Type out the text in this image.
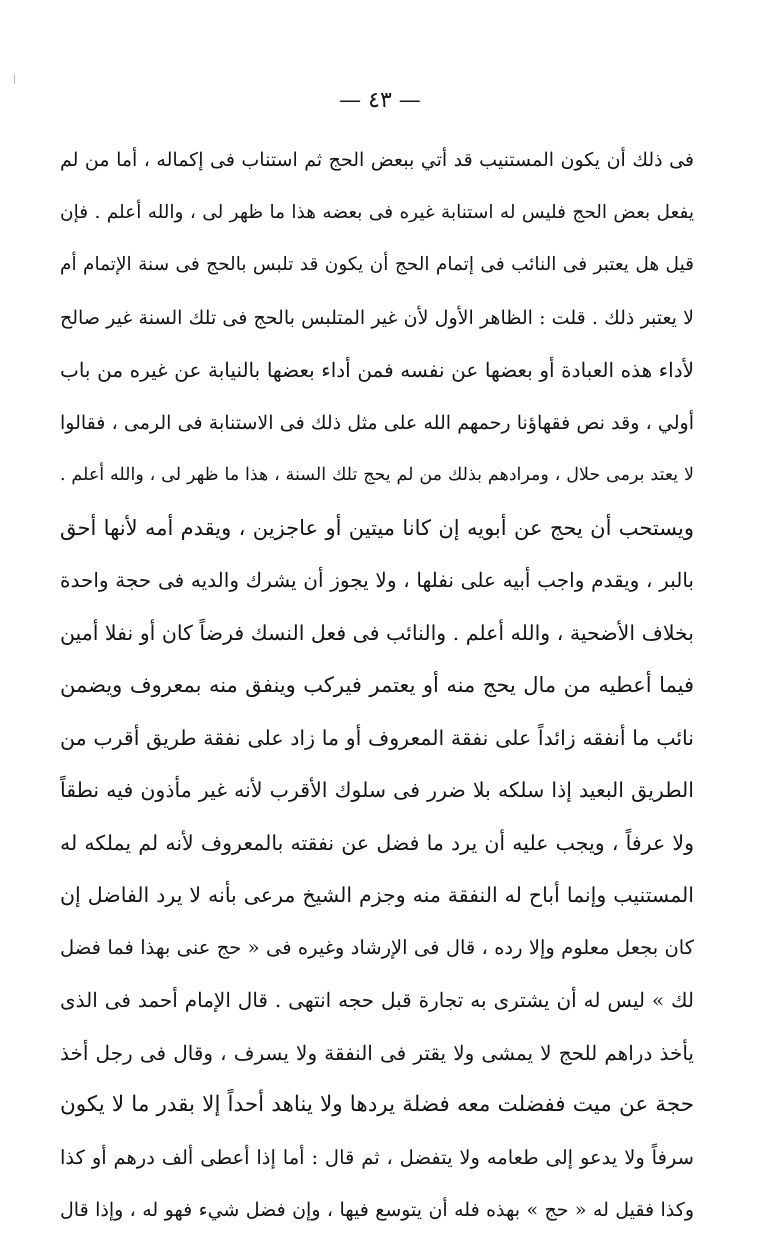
— ٤٣ —
فى ذلك أن يكون المستنيب قد أتي ببعض الحج ثم استناب فى إكماله ، أما من لم
يفعل بعض الحج فليس له استنابة غيره فى بعضه هذا ما ظهر لى ، والله أعلم . فإن
قيل هل يعتبر فى النائب فى إتمام الحج أن يكون قد تلبس بالحج فى سنة الإتمام أم
لا يعتبر ذلك . قلت : الظاهر الأول لأن غير المتلبس بالحج فى تلك السنة غير صالح
لأداء هذه العبادة أو بعضها عن نفسه فمن أداء بعضها بالنيابة عن غيره من باب
أولي ، وقد نص فقهاؤنا رحمهم الله على مثل ذلك فى الاستنابة فى الرمى ، فقالوا
لا يعتد برمى حلال ، ومرادهم بذلك من لم يحج تلك السنة ، هذا ما ظهر لى ، والله أعلم .
ويستحب أن يحج عن أبويه إن كانا ميتين أو عاجزين ، ويقدم أمه لأنها أحق
بالبر ، ويقدم واجب أبيه على نفلها ، ولا يجوز أن يشرك والديه فى حجة واحدة
بخلاف الأضحية ، والله أعلم . والنائب فى فعل النسك فرضاً كان أو نفلا أمين
فيما أعطيه من مال يحج منه أو يعتمر فيركب وينفق منه بمعروف ويضمن
نائب ما أنفقه زائداً على نفقة المعروف أو ما زاد على نفقة طريق أقرب من
الطريق البعيد إذا سلكه بلا ضرر فى سلوك الأقرب لأنه غير مأذون فيه نطقاً
ولا عرفاً ، ويجب عليه أن يرد ما فضل عن نفقته بالمعروف لأنه لم يملكه له
المستنيب وإنما أباح له النفقة منه وجزم الشيخ مرعى بأنه لا يرد الفاضل إن
كان بجعل معلوم وإلا رده ، قال فى الإرشاد وغيره فى « حج عنى بهذا فما فضل
لك » ليس له أن يشترى به تجارة قبل حجه انتهى . قال الإمام أحمد فى الذى
يأخذ دراهم للحج لا يمشى ولا يقتر فى النفقة ولا يسرف ، وقال فى رجل أخذ
حجة عن ميت ففضلت معه فضلة يردها ولا يناهد أحداً إلا بقدر ما لا يكون
سرفاً ولا يدعو إلى طعامه ولا يتفضل ، ثم قال : أما إذا أعطى ألف درهم أو كذا
وكذا فقيل له « حج » بهذه فله أن يتوسع فيها ، وإن فضل شيء فهو له ، وإذا قال
